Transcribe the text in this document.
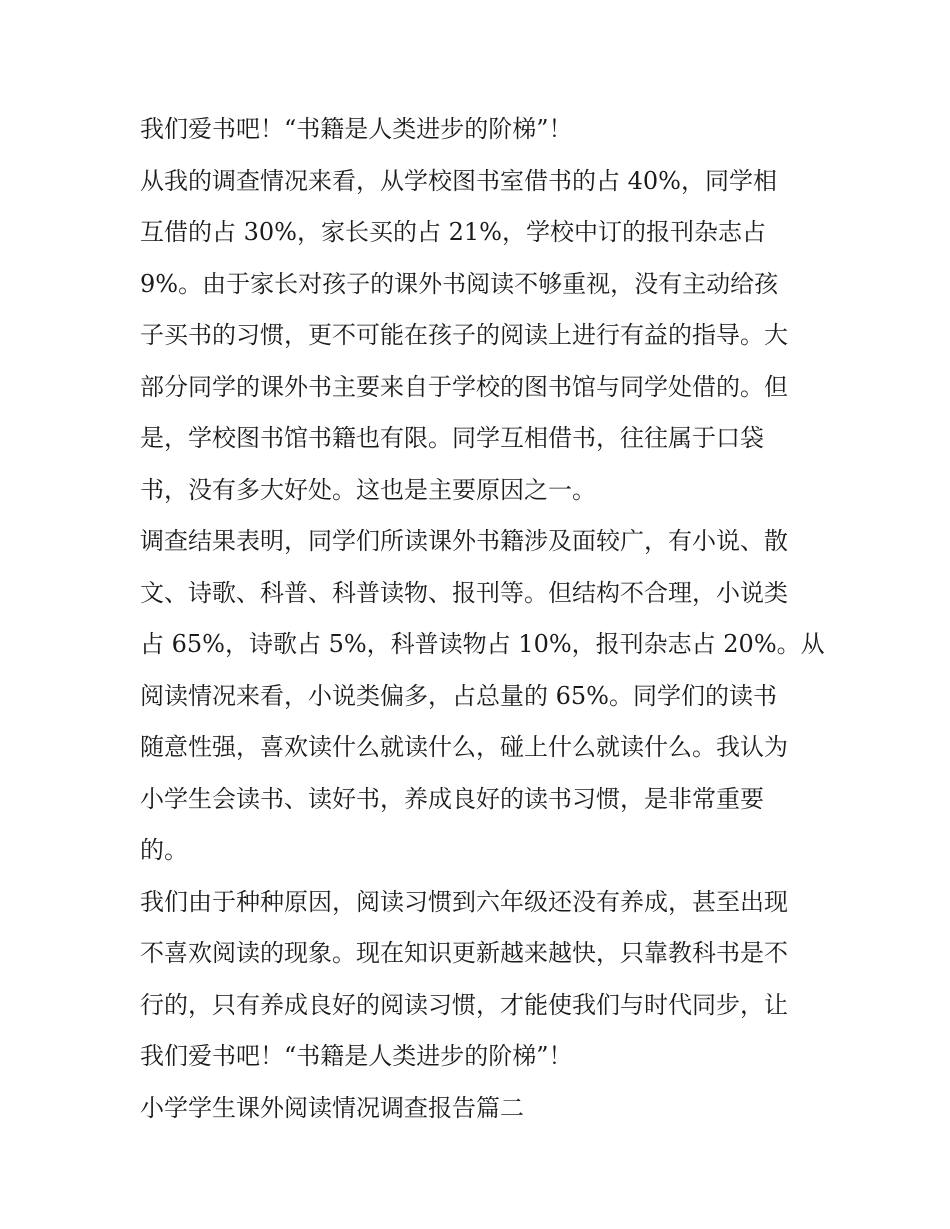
我们爱书吧！“书籍是人类进步的阶梯”！
从我的调查情况来看，从学校图书室借书的占 40%，同学相
互借的占 30%，家长买的占 21%，学校中订的报刊杂志占
9%。由于家长对孩子的课外书阅读不够重视，没有主动给孩
子买书的习惯，更不可能在孩子的阅读上进行有益的指导。大
部分同学的课外书主要来自于学校的图书馆与同学处借的。但
是，学校图书馆书籍也有限。同学互相借书，往往属于口袋
书，没有多大好处。这也是主要原因之一。
调查结果表明，同学们所读课外书籍涉及面较广，有小说、散
文、诗歌、科普、科普读物、报刊等。但结构不合理，小说类
占 65%，诗歌占 5%，科普读物占 10%，报刊杂志占 20%。从
阅读情况来看，小说类偏多，占总量的 65%。同学们的读书
随意性强，喜欢读什么就读什么，碰上什么就读什么。我认为
小学生会读书、读好书，养成良好的读书习惯，是非常重要
的。
我们由于种种原因，阅读习惯到六年级还没有养成，甚至出现
不喜欢阅读的现象。现在知识更新越来越快，只靠教科书是不
行的，只有养成良好的阅读习惯，才能使我们与时代同步，让
我们爱书吧！“书籍是人类进步的阶梯”！
小学学生课外阅读情况调查报告篇二
